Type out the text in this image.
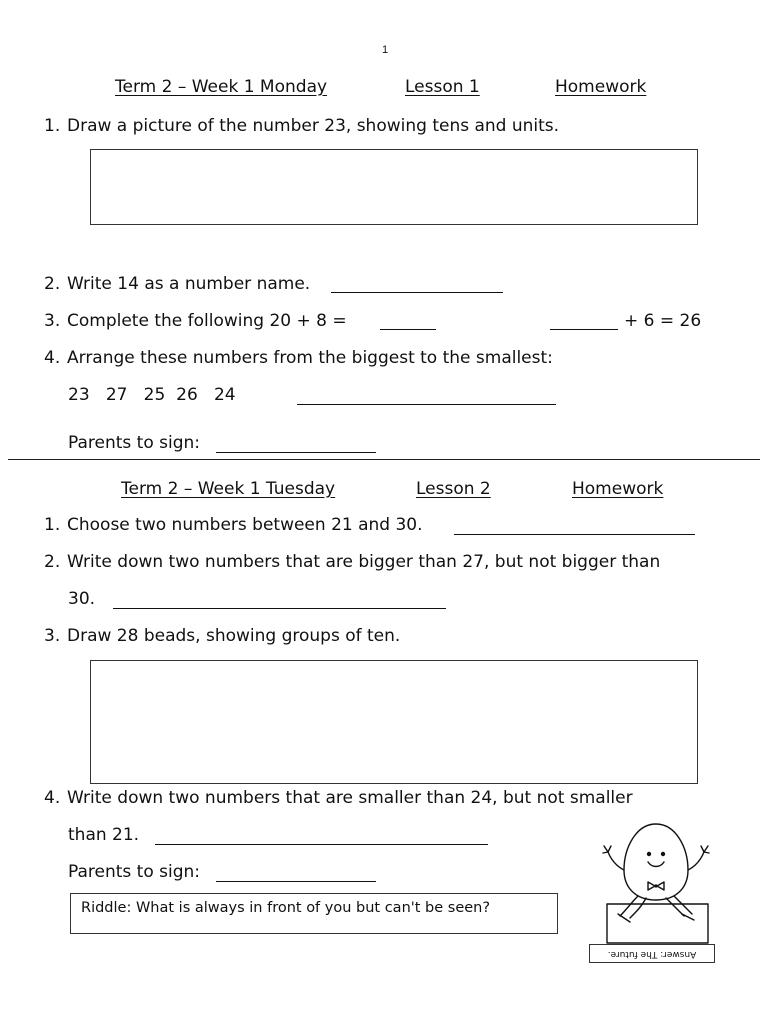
1
Term 2 – Week 1 Monday	Lesson 1	Homework
1. Draw a picture of the number 23, showing tens and units.
2. Write 14 as a number name.
3. Complete the following 20 + 8 =	+ 6 = 26
4. Arrange these numbers from the biggest to the smallest:
23   27   25  26   24
Parents to sign:
Term 2 – Week 1 Tuesday	Lesson 2	Homework
1. Choose two numbers between 21 and 30.
2. Write down two numbers that are bigger than 27, but not bigger than
30.
3. Draw 28 beads, showing groups of ten.
4. Write down two numbers that are smaller than 24, but not smaller
than 21.
Parents to sign:
Riddle: What is always in front of you but can't be seen?
Answer: The future.
